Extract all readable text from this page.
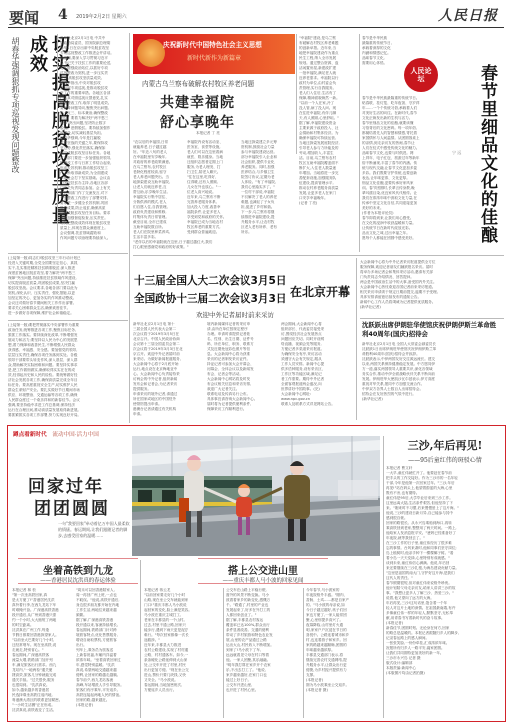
要闻 4 2019年2月2日 星期六	人民日报
胡春华强调狠抓专项巡视发现问题整改	切实提高脱贫攻坚质量成效	新华社北京2月1日电 中共中
央政治局委员、国务院副总理胡
春华1日在京出席中央脱贫攻坚
专项巡视整改工作推进会并讲话。
他强调,要深入学习贯彻习近平
总书记关于扶贫工作的重要论述,
切实增强政治站位,以抓好专项
巡视整改为契机,进一步压实责
任,提高脱贫攻坚质量成效。
胡春华指出,中央对脱贫攻
坚开展专项巡视,是推动脱贫攻
坚工作的重要举措。各地区各部
门认真对照巡视反馈意见,扎实
推进整改工作,取得了明显成效。
要坚持问题导向,聚焦突出问题,
举一反三、标本兼治,确保整改
到位。要着力解决好"两不愁三
保障"突出问题,坚决防止数字
脱贫、虚假脱贫。要持续加强作
风建设,切实减轻基层负担。
胡春华强调,今年是打赢脱
贫攻坚战的关键之年,要保持攻
坚态势,强化责任落实,确保如
期完成脱贫攻坚目标任务。各地
区各部门要进一步加强组织领导,
把整改工作与日常工作结合起来,
形成长效机制,推动脱贫攻坚工
作不断取得新成效,为全面建成
小康社会打下坚实基础。会议由
国务院扶贫办主持,各地区各部
门有关负责同志参加。会上有关
地区和部门作了交流发言,对下
一步整改工作进行了部署安排,
要求进一步健全长效机制,巩固
脱贫成果,防止返贫,确保高质
量完成脱贫攻坚任务目标。要求
各地加强督促检查,压实责任。
切实把整改成效体现在脱贫攻坚
质量上,体现在群众满意度上。
会议强调,扶贫领域腐败和
作风问题专项治理要持续深入。
(上接第一版)同志们!脱贫攻坚三年行动计划已
经进入关键时期,全党全国要坚定信心、真抓
实干,扎实推进精准扶贫精准脱贫,深入推进
深度贫困地区脱贫攻坚,着力解决"两不愁三
保障"突出问题,持续推进扶贫领域作风建设,
切实提高脱贫质量,巩固脱贫成果,坚决打赢
脱贫攻坚战。会议要求,各地各部门要以此为
契机,深化认识、压实责任、强化措施,以更
加坚定的决心、更加务实的作风推动整改。
会议还对做好春节期间相关工作作出部署。
要求关心困难群众生活,确保欢度佳节。
进一步做好各项保障,维护社会和谐稳定。
(上接第一版)要把贯彻落实中央部署作为重要
政治任务,统筹推进各项工作,聚焦目标任务,
狠抓工作落实。要持续深化改革,不断增强发
展动力和活力;要坚持以人民为中心的发展思
想,着力保障和改善民生,不断增强人民群众
获得感、幸福感、安全感。要加强党的领导,
层层压实责任,确保各项任务落到实处。各级
领导干部要带头转变作风,深入基层、深入群
众,帮助解决实际困难和问题。要坚持实事求
是,把工作做细做实,确保取得实实在在的成
效,经得起历史和人民的检验。要统筹做好经
济社会发展各项工作,确保高质量完成全年目
标任务。要高度重视安全生产,切实维护人民
群众生命财产安全。要扎实做好节日期间市场
供应、环境整治、交通运输等各项工作,确保
人民群众度过一个欢乐祥和的新春佳节。会议
强调,要坚持稳中求进工作总基调,保持经济
运行在合理区间,推动高质量发展取得新进展。
要抓紧抓实各项工作部署,努力实现良好开局。
庆祝新时代中国特色社会主义思想
新时代新作为新篇章
内蒙古乌兰察布破解农村牧区养老问题
共建幸福院
舒心享晚年
本报记者 丁 亮
"农以后的幸福园,日常
就能养老,日子越过越
好。"年近八旬的老人
在幸福院里安享晚年,
对政府的养老政策满意。
在乌兰察布,农村牧区
老龄化程度较高,留守
老人养老问题突出。当
地探索建设互助幸福院,
让老人们就近养老,互
帮互助,乐享晚年生活。
幸福院实行集中居住、
分散供养的模式,老人
们自愿入住,自我管理。
政府负责建设和维修,
村集体负责日常管理。
截至目前,全市已建成
互助幸福院数百所。
老人们在院里种菜养鸡,
生活丰富多彩。
幸福院内设有活动室、
医务室、食堂等设施,
老人们可以在这里看病
就医、娱乐健身。当地
还组织志愿者定期上门
服务,为老人理发、打
扫卫生,陪老人聊天。
"住在这里,吃得好、
住得暖,还有人照顾,
儿女在外也放心。"一
位老人高兴地说。
近年来,乌兰察布不断
完善养老服务体系,
加大投入力度,改善幸
福院条件,让更多老人
享受到党和政府的关怀。
幸福院已成为当地农村
牧区养老的重要方式,
受到群众普遍欢迎。
当地还探索建立多元筹
资机制,鼓励社会力量
参与幸福院建设运营。
部分幸福院引入企业和
社会组织,提供专业化
养老服务。同时,加强
医养结合,与乡镇卫生
院签订协议,定期为老
人体检。"有了幸福院,
我们心里踏实多了。"
一位村干部说,幸福院
不仅解决了老人的养老
难题,也减轻了子女负
担,促进了乡村和谐。
下一步,乌兰察布将继
续推进幸福院建设,提
升服务水平,让农村牧
区老人老有所养、老有
所乐。
"幸福院"建设,是乌兰察
布破解农村牧区养老难题
的创新举措。近年来,当
地把幸福院建设作为重点
民生工程,纳入全市发展
规划。通过整合资源、盘
活闲置房屋,新建改扩建
一批幸福院,满足老人就
近养老需求。幸福院以行
政村为单位,由村委会负
责管理,实行自我服务。
老人们入住后,生活有了
保障,精神面貌焕然一新。
"以前一个人在家,冷了
没人管,病了没人问。现
在住进幸福院,有伴儿聊
天,有人照顾,心里舒坦。"
据了解,幸福院建设资金
主要来源于政府投入、社
会捐助和村集体经济。为
确保幸福院可持续运营,
当地还探索发展庭院经济,
引导老人参与力所能及的
劳动,增加收入,丰富生
活。目前,乌兰察布农村
牧区互助幸福院覆盖面不
断扩大,入住老人数量逐
年增加。当地将进一步完
善配套设施,加强服务队
伍建设,提高管理水平,
推动农村养老服务高质量
发展,让更多老人在家门
口安享幸福晚年。
(记者 丁亮)
春节是中华民族
最隆重的传统节日,
承载着深厚的文化
内涵和情感记忆。
品味春节文化,
需要用心体悟。
人民论坛	春节里细品文化的佳酿
春节是中华民族最隆重的传统节日。
贴春联、挂灯笼、吃年夜饭、守岁拜
年……一个个传统习俗,承载着人们
对美好生活的向往。在新时代,春节
文化正焕发出新的生机与活力。
春节里细品文化的佳酿,就要读懂
习俗背后的文化密码。每一项年俗,
都凝结着先人的智慧和情感,寄托着
家国情怀与人间温情。从团圆饭桌上
的亲情,到走亲访友的热闹,春节让
人们在仪式中感受传统文化的魅力。
品味春节文化,也要与时俱进。网
上拜年、电子红包、旅游过年等新年
俗不断涌现,丰富了春节的内涵。传
统与现代交融,让春节文化更加多姿
多彩。我们既要守护传统,也要创新
表达,让年味更浓、文化更厚。
细品文化佳酿,更要传承好家风家
训。春节团圆时,长辈言传身教,晚
辈耳濡目染,优良家风代代相传。让
我们在浓浓年味中汲取文化力量,在
传承中坚定文化自信,共同迎接更加
美好的未来。
(作者为本报评论员)
春节即将到来,让我们用心感受。
在文化的浸润中收获温暖和力量。
让传统节日在新时代绽放光彩。
品出文化之味,过出幸福之年。
愿每个人都能在团圆中感受美好。
宁 远
"老伴以后的幸福院就在这里,日子越过越红火,我们
打心眼里感谢党和政府的好政策。"
十三届全国人大二次会议3月5日
全国政协十三届二次会议3月3日 在北京开幕
欢迎中外记者届时前来采访
新华社北京2月1日电 第十
三届全国人民代表大会第二
次会议将于2019年3月5日在
北京召开。中国人民政治协商
会议第十三届全国委员会第二
次会议将于2019年3月3日在北
京召开。欢迎中外记者届时前
来采访。为做好新闻报道服务,
大会新闻中心将于2月底开始
运行,地点设在北京梅地亚中
心。大会新闻中心负责接待采
访两会的中外记者,组织新闻
发布会和记者会,为记者采访
提供服务。
申请采访的境外记者,请通过
所在国家或地区的中国驻外
使领馆提出申请。
港澳台记者请通过有关机构
申请。
境内新闻媒体记者的采访申
请,由所在单位按规定程序
办理。申请时请提供记者姓
名、性别、出生日期、证件号
码、所在单位、职务、联系方
式及近期免冠彩色照片等信
息。大会新闻中心将为获准
采访的记者制发采访证件。
持证记者可参加大会开幕会、
闭幕会、全体会议以及新闻发
布会、记者会等活动。
大会新闻中心网站将及时发
布会议相关信息和采访安排,
欢迎广大记者关注。
联系电话及传真另行公布。
具体事宜请咨询大会新闻中心。
届时将为记者提供便利条件,
保障采访工作顺利进行。
两会期间,大会新闻中心将
组织部长、代表委员接受采
访,围绕经济社会发展热点
问题回应关切。同时开设网
络直播、视频会见等服务,
方便记者多渠道采访报道。
为确保安全有序,采访活动
须遵守大会有关规定,服从
工作人员安排。新闻中心提
供多语种服务,设有采访区、
工作区等功能区域,满足记
者工作需要。期待中外记者
全面客观报道两会盛况,向
世界讲好中国故事。(完)
大会新闻中心网址:
www.npc.gov.cn
联系人及联系方式详见网站公告。
大会新闻中心将为中外记者采访报道提供全方位
服务保障,欢迎记者朋友们踊跃报名采访。届时
将举办多场记者会和集体采访活动,邀请有关部
门负责同志介绍情况、回答提问。
两会是中国政治生活中的大事,备受国内外关注。
大会新闻中心热忱欢迎各国记者前来采访报道。
相关采访申请须于规定日期前提交,逾期不予受理。
具体安排请留意后续发布的通知公告。
新闻中心工作人员将竭诚为记者提供优质服务。
(新华社记者)
沈跃跃出席伊朗驻华使馆庆祝伊朗伊斯兰革命胜利40周年(国庆)招待会
新华社北京2月1日电 全国人大常委会副委员长
沈跃跃1日出席伊朗驻华使馆庆祝伊朗伊斯兰革
命胜利40周年(国庆)招待会并致辞。
沈跃跃表示,中伊两国友好交往源远流长。建交
以来,两国关系保持健康稳定发展。中方愿同伊
方一道,落实两国领导人重要共识,深化各领域
务实合作,推动中伊全面战略伙伴关系不断向前
发展。伊朗驻华大使凯沙瓦尔兹表示,伊方高度
重视对华关系,愿同中方加强交流合作。
中伊双方各界人士数百人出席招待会。
招待会在友好热烈的气氛中进行。
(新华社记者)
蹲点看新时代 流动中国·活力中国
回家过年
团团圆圆
一句"我要回家"牵动着亿万中国人最柔软的情愫。春运期间,让我们跟随记者的脚步,去感受回家的温暖……
三沙,年后再见!
——95后童红伟的斑驳心情
本报记者 曹文轩
一大早,童红伟就忙开了。他要赶在春节前
把手头的工作交接好。作为三沙市的一名年轻
干部,今年是他第一次回家过年。"三沙,年后
再见!"站在码头上,他望着蔚蓝的大海,心里
既有不舍,也有期待。
童红伟是95后,大学毕业后来到三沙工作。
这里远离大陆,生活条件艰苦,但他坚持了下
来。"刚来时不习惯,后来慢慢爱上了这片海。"
他说,三沙的建设日新月异,自己能参与其中
感到很自豪。
回家的路很长。从永兴岛乘船到海口,再转
乘高铁回到老家,整整用了两天时间。一路上,
他给家人发消息报平安。"爸妈已经准备好了
年夜饭,就等我回去了。"
在三沙工作的日子里,童红伟经历了很多难
忘的事情。台风来袭时,他和同事们坚守岗位;
岛上植树时,他亲手种下一棵棵椰子树。"看
着小岛一天天变绿,心里特别有成就感。"
谈到未来,童红伟信心满满。他说,年后回
来还要继续在三沙扎根,为海岛建设贡献力量。
"这里是祖国的南大门,守护好这片海,是我们
这代人的责任。"
春节假期很短,但对童红伟来说格外珍贵。
他计划陪父母走亲访友,给家人讲讲三沙的故
事。"我想让更多人了解三沙、热爱三沙。"
说着,他又望向了远方的大海。
年后再见,三沙!这句话里,饱含着一个年
轻人对这片土地的深情。在祖国最南端,有许
多像童红伟一样的年轻人,默默坚守,无私奉
献,用青春书写着新时代的奋斗故事。
(本报记者)
新春佳节,团圆时刻。无论身在何方,回家
的路总是温暖的。本报记者跟随归乡人的脚步,
记录春运路上的感人瞬间。
一张张笑脸,一份份牵挂,汇成浓浓年味。
祝愿所有归乡人一路平安,阖家团圆。
让我们共同期待更加美好的新一年。
三沙市永兴岛 记者 摄
版式设计:编辑部
本版责编:新闻中心
(本版图片均由记者拍摄)
坐着高铁到九龙
——香港居民沈洪真的春运体验
本报记者 林 松
"第一次坐高铁回家,真
是太方便了!"香港居民沈洪
真拎着行李,在西九龙站下车
时难掩兴奋。广深港高铁香港
段开通后,从广州到香港只需
约一个小时,大大缩短了两地
的时空距离。
沈洪真在广州工作,每逢
节假日都要回香港探望家人。
"以前坐大巴要好几个小时,
还经常堵车。现在坐高铁,说
走就走,特别省心。"
春运期间,广深港高铁客
流量大增,铁路部门加开列
车,满足旅客出行需求。西九
龙站内,"一地两检"通关便
捷高效,旅客几分钟就能完成
通关手续。"过关很快,服务
也很周到。"沈洪真说。
如今,越来越多的香港居
民选择乘坐高铁往返内地,
粤港澳大湾区的联系更加紧密。
"一小时生活圈"正在形成。
沈洪真说,高铁改变了生活。
"周末可以回香港陪家人,
周一再回广州上班,一点也
不耽误。"他说,高铁开通后,
身边很多朋友都开始在内地
工作生活,两地往来越来越
频繁。
据了解,广深港高铁香港
段开通以来,客流持续增长。
春运期间,铁路部门针对跨
境旅客特点,优化售票服务,
增设自助取票机,方便旅客
出行。
列车上,乘务员为旅客送
上新春祝福,车厢内洋溢着
浓浓年味。"坐着高铁回家过
年,感觉特别温暖。"沈洪
真说,希望两地交通越来越
便利,让回家的路越走越顺。
春节前夕,西九龙站客流
高峰,车站增派人手引导服务。
旅客们有序乘车,平安返乡。
高铁连接起两地人民的情谊。
回家的路,越来越近。
(本报记者)
搭上公交进山里
——重庆丰都人马小波的回家见闻
本报记者 蒋云龙
"以前回家要走好几个小时
山路,现在坐公交车就能到家
门口!"重庆丰都人马小波说
起回家的变化,脸上满是笑容。
马小波在重庆主城打工,
老家在丰都县的一个山村。
过去,村里不通公路,回家只
能步行,遇到下雨天更是泥泞
难行。"每次回家都像一次长
途跋涉。"
近年来,丰都县大力推进
农村公路建设,实现了村村通
公路、村村通客车。如今,一
条条硬化公路延伸到大山深
处,公交车开进了村里,村民
出行更加方便。"现在坐公交
进山,票价只要几块钱,又快
又安全。"马小波说。
春运期间,当地加密班次,
方便返乡人员出行。
公交车在山路上平稳行驶,
窗外的风景不断变换。马小
波看着家乡的新变化,感慨万
千。"路通了,村里的产业也
发展起来了,好多在外打工的
人都回来创业了。"
据了解,丰都县农村客运
覆盖率已达100%,群众出行
条件显著改善。交通的便利
带动了乡村旅游和特色农业发
展,山里的农产品通过公路
运出大山,村民收入不断增加。
到家了!马小波下了车,
远远就看见父母在村口等着
他。一家人团聚,其乐融融。
"明年我打算在家乡开个农家
乐,不出去打工了。"他说,
家乡越来越好,在家门口也
能过上好日子。
公交车开进山里,
也开进了村民心里。
今年春节,马小波家的
年夜饭格外丰盛。"腊肉、
香肠、土鸡……都是自家产
的。"马小波的母亲说,如
今日子越过越好,孩子们回
家也方便了,一家人能常团
聚,心里别提多高兴了。
夜幕降临,山村里灯火通
明,家家户户沉浸在节日的
喜悦中。公路连着城市和乡
村,也连着游子和家乡。回
家的路越来越顺畅,团圆的
年味越来越浓厚。
丰都县交通部门表示,将
继续完善农村交通网络,提
升服务水平,让群众出行更
便捷,为乡村振兴提供有力
支撑。
(本报记者)
图为马小波乘坐公交返乡。
(本报记者 摄)
